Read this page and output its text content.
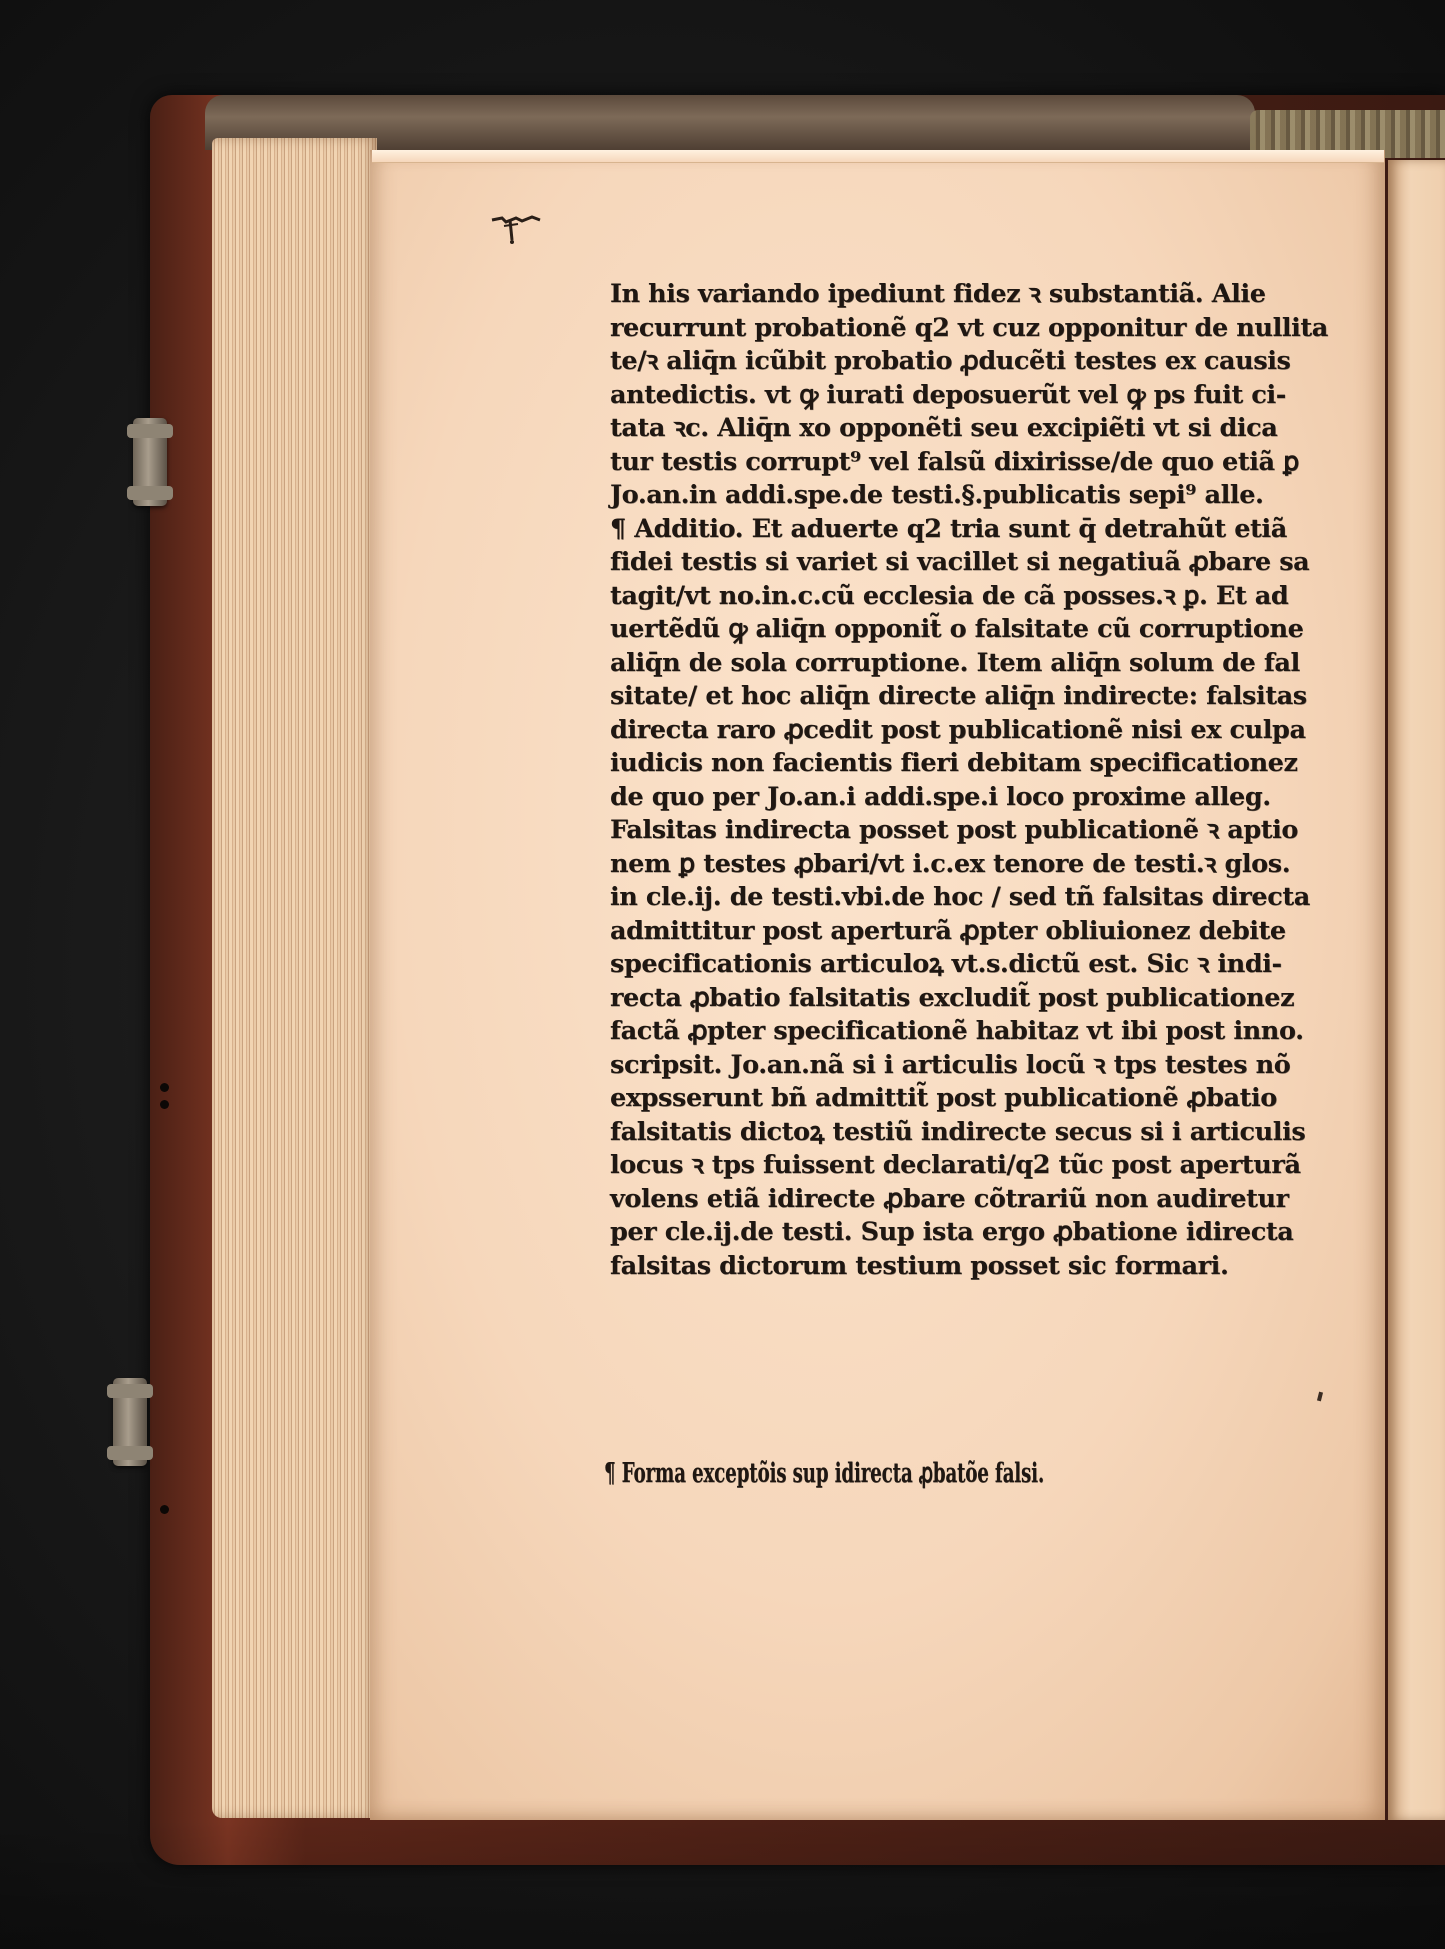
In his variando ipediunt fidez ꝛ substantiã. Alie
recurrunt probationẽ q2 vt cuz opponitur de nullita
te/ꝛ aliq̄n icũbit probatio ꝓducẽti testes ex causis
antedictis. vt ꝙ iurati deposuerũt vel ꝙ ps fuit ci-
tata ꝛc. Aliq̄n xo opponẽti seu excipiẽti vt si dica
tur testis corrupt⁹ vel falsũ dixirisse/de quo etiã ꝑ
Jo.an.in addi.spe.de testi.§.publicatis sepi⁹ alle.
¶ Additio. Et aduerte q2 tria sunt q̄ detrahũt etiã
fidei testis si variet si vacillet si negatiuã ꝓbare sa
tagit/vt no.in.c.cũ ecclesia de cã posses.ꝛ ꝑ. Et ad
uertẽdũ ꝙ aliq̄n opponit̃ o falsitate cũ corruptione
aliq̄n de sola corruptione. Item aliq̄n solum de fal
sitate/ et hoc aliq̄n directe aliq̄n indirecte: falsitas
directa raro ꝓcedit post publicationẽ nisi ex culpa
iudicis non facientis fieri debitam specificationez
de quo per Jo.an.i addi.spe.i loco proxime alleg.
Falsitas indirecta posset post publicationẽ ꝛ aptio
nem ꝑ testes ꝓbari/vt i.c.ex tenore de testi.ꝛ glos.
in cle.ij. de testi.vbi.de hoc / sed tñ falsitas directa
admittitur post aperturã ꝓpter obliuionez debite
specificationis articuloꝝ vt.s.dictũ est. Sic ꝛ indi-
recta ꝓbatio falsitatis excludit̃ post publicationez
factã ꝓpter specificationẽ habitaz vt ibi post inno.
scripsit. Jo.an.nã si i articulis locũ ꝛ tps testes nõ
expsserunt bñ admittit̃ post publicationẽ ꝓbatio
falsitatis dictoꝝ testiũ indirecte secus si i articulis
locus ꝛ tps fuissent declarati/q2 tũc post aperturã
volens etiã idirecte ꝓbare cõtrariũ non audiretur
per cle.ij.de testi. Sup ista ergo ꝓbatione idirecta
falsitas dictorum testium posset sic formari.
¶ Forma exceptõis sup idirecta ꝓbatõe falsi.
